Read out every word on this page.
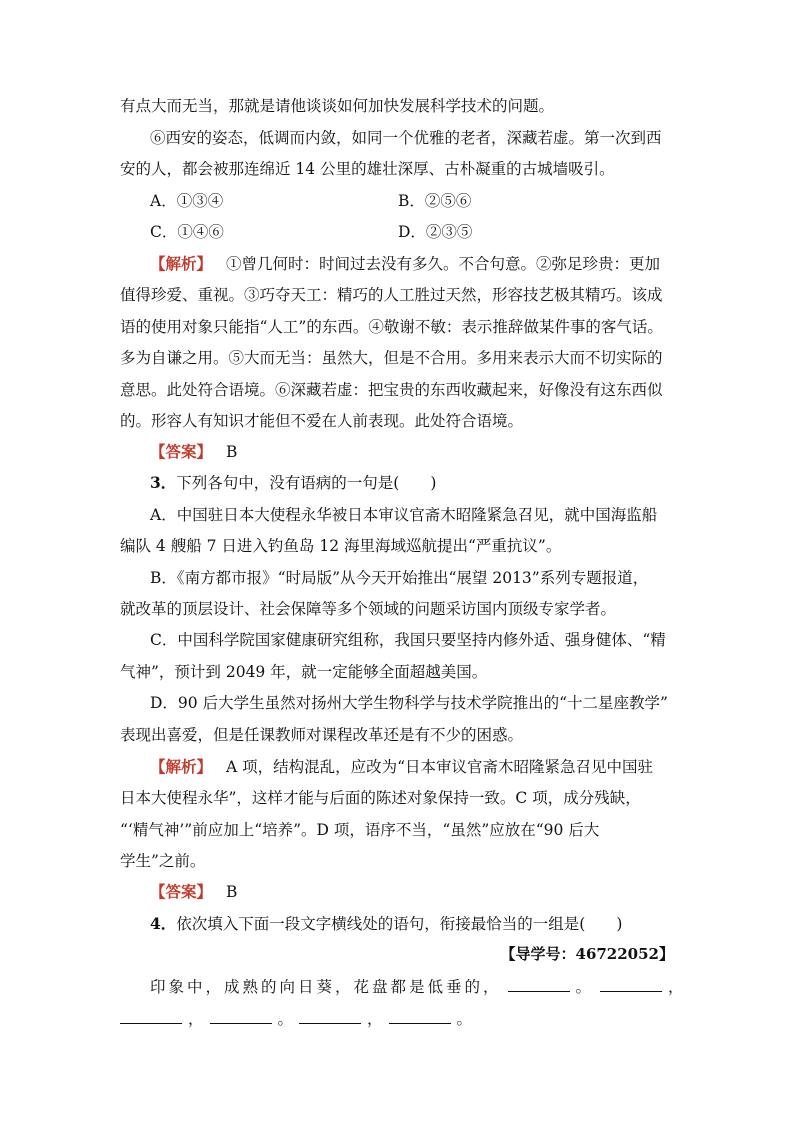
有点大而无当，那就是请他谈谈如何加快发展科学技术的问题。
⑥西安的姿态，低调而内敛，如同一个优雅的老者，深藏若虚。第一次到西
安的人，都会被那连绵近 14 公里的雄壮深厚、古朴凝重的古城墙吸引。
A．①③④	B．②⑤⑥
C．①④⑥	D．②③⑤
【解析】 ①曾几何时：时间过去没有多久。不合句意。②弥足珍贵：更加
值得珍爱、重视。③巧夺天工：精巧的人工胜过天然，形容技艺极其精巧。该成
语的使用对象只能指“人工”的东西。④敬谢不敏：表示推辞做某件事的客气话。
多为自谦之用。⑤大而无当：虽然大，但是不合用。多用来表示大而不切实际的
意思。此处符合语境。⑥深藏若虚：把宝贵的东西收藏起来，好像没有这东西似
的。形容人有知识才能但不爱在人前表现。此处符合语境。
【答案】 B
3．下列各句中，没有语病的一句是(　　)
A．中国驻日本大使程永华被日本审议官斋木昭隆紧急召见，就中国海监船
编队 4 艘船 7 日进入钓鱼岛 12 海里海域巡航提出“严重抗议”。
B．《南方都市报》“时局版”从今天开始推出“展望 2013”系列专题报道，
就改革的顶层设计、社会保障等多个领域的问题采访国内顶级专家学者。
C．中国科学院国家健康研究组称，我国只要坚持内修外适、强身健体、“精
气神”，预计到 2049 年，就一定能够全面超越美国。
D．90 后大学生虽然对扬州大学生物科学与技术学院推出的“十二星座教学”
表现出喜爱，但是任课教师对课程改革还是有不少的困惑。
【解析】 A 项，结构混乱，应改为“日本审议官斋木昭隆紧急召见中国驻
日本大使程永华”，这样才能与后面的陈述对象保持一致。C 项，成分残缺，
“‘精气神’”前应加上“培养”。D 项，语序不当，“虽然”应放在“90 后大
学生”之前。
【答案】 B
4．依次填入下面一段文字横线处的语句，衔接最恰当的一组是(　　)
【导学号：46722052】
印象中，成熟的向日葵，花盘都是低垂的，	。	，
，	。	，	。
